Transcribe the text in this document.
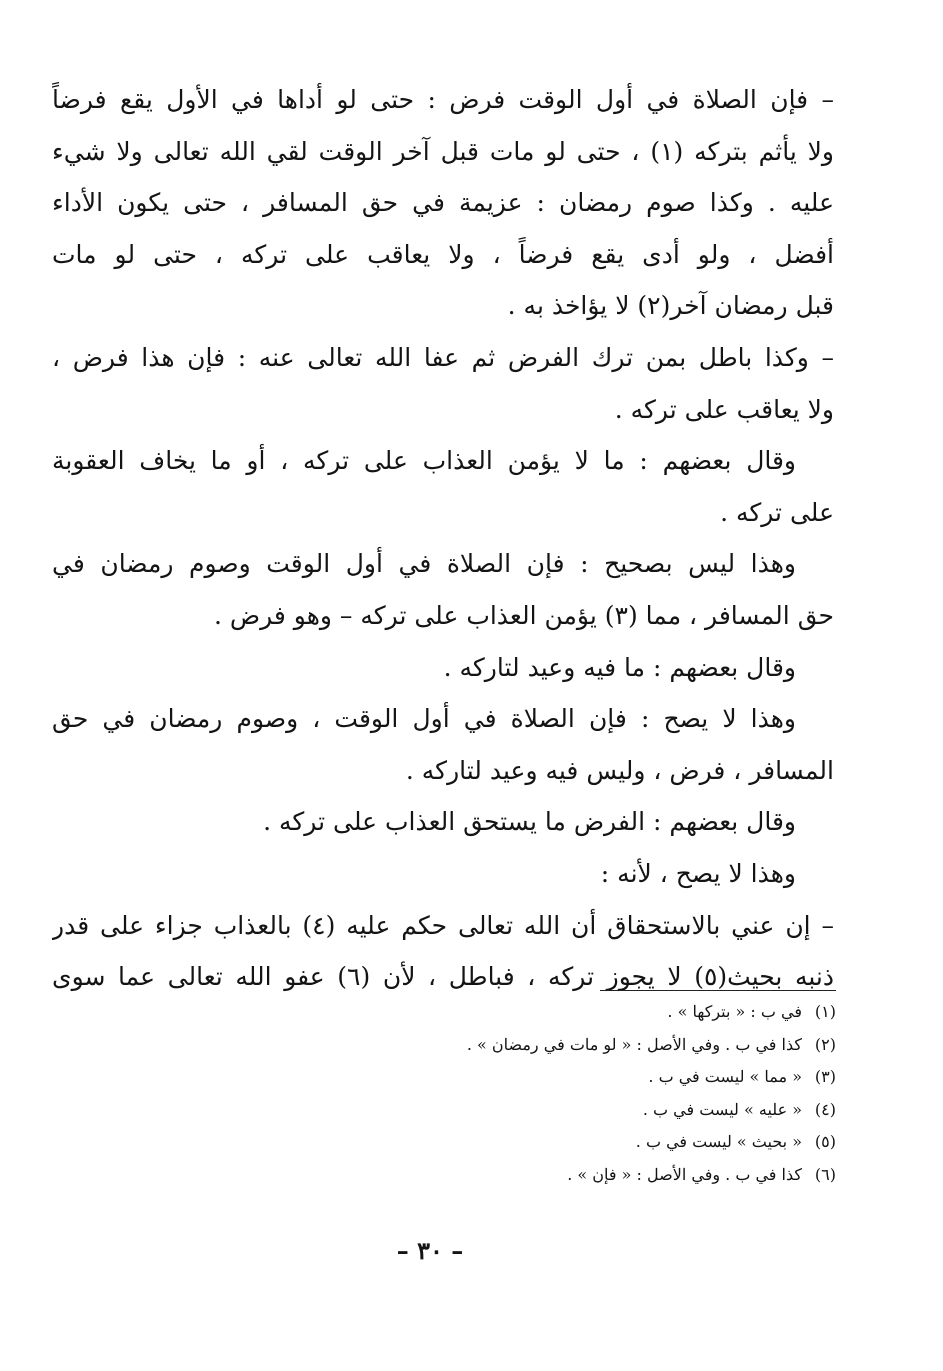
– فإن الصلاة في أول الوقت فرض : حتى لو أداها في الأول يقع فرضاً
ولا يأثم بتركه (١) ، حتى لو مات قبل آخر الوقت لقي الله تعالى ولا شيء
عليه . وكذا صوم رمضان : عزيمة في حق المسافر ، حتى يكون الأداء
أفضل ، ولو أدى يقع فرضاً ، ولا يعاقب على تركه ، حتى لو مات
قبل رمضان آخر(٢) لا يؤاخذ به .
– وكذا باطل بمن ترك الفرض ثم عفا الله تعالى عنه : فإن هذا فرض ،
ولا يعاقب على تركه .
وقال بعضهم : ما لا يؤمن العذاب على تركه ، أو ما يخاف العقوبة
على تركه .
وهذا ليس بصحيح : فإن الصلاة في أول الوقت وصوم رمضان في
حق المسافر ، مما (٣) يؤمن العذاب على تركه – وهو فرض .
وقال بعضهم : ما فيه وعيد لتاركه .
وهذا لا يصح : فإن الصلاة في أول الوقت ، وصوم رمضان في حق
المسافر ، فرض ، وليس فيه وعيد لتاركه .
وقال بعضهم : الفرض ما يستحق العذاب على تركه .
وهذا لا يصح ، لأنه :
– إن عني بالاستحقاق أن الله تعالى حكم عليه (٤) بالعذاب جزاء على قدر
ذنبه بحيث(٥) لا يجوز تركه ، فباطل ، لأن (٦) عفو الله تعالى عما سوى
(١)في ب : « بتركها » .
(٢)كذا في ب . وفي الأصل : « لو مات في رمضان » .
(٣)« مما » ليست في ب .
(٤)« عليه » ليست في ب .
(٥)« بحيث » ليست في ب .
(٦)كذا في ب . وفي الأصل : « فإن » .
– ٣٠ –
